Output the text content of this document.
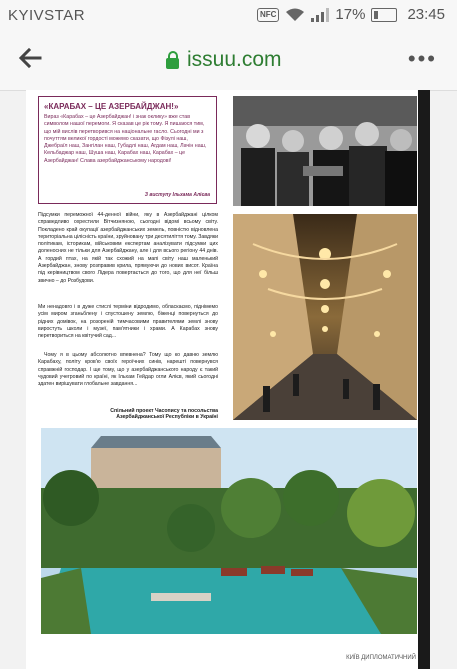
KYIVSTAR	NFC	17%	23:45
issuu.com	•••
«КАРАБАХ – ЦЕ АЗЕРБАЙДЖАН!»

Вираз «Карабах – це Азербайджан! і знак оклику» вже став символом нашої перемоги. Я сказав це рік тому. Я пишаюся тим, що мій вислів перетворився на національне гасло. Сьогодні ми з почуттям великої гордості можемо сказати, що Фізулі наш, Джебраїл наш, Зангілан наш, Губадлі наш, Агдам наш, Лачін наш, Кельбаджар наш, Шуша наш, Карабах наш, Карабах – це Азербайджан! Слава азербайджанському народові!

З виступу Ільхама Алієва
Підсумки переможної 44-денної війни, яку в Азербайджані цілком справедливо охрестили Вітчизняною, сьогодні відомі всьому світу. Покладено край окупації азербайджанських земель, повністю відновлена територіальна цілісність країни, зруйновану три десятиліття тому. Завдяки політикам, історикам, військовим експертам аналізувати підсумки цих доленосних не тільки для Азербайджану, але і для всього регіону 44 днів. А гордий птах, на якій так схожий на мапі світу наш маленький Азербайджан, знову розправив крила, прямуючи до нових висот. Країна під керівництвом свого Лідера повертається до того, що для неї більш звично – до Розбудови.
Ми ненадовго і в дуже стислі терміни відродимо, обласкаємо, піднімемо усім миром зганьблену і спустошену землю, біженці повернуться до рідних домівок, на розореній тимчасовими правителями землі знову виростуть школи і музеї, пам'ятники і храми. А Карабах знову перетвориться на квітучий сад...
Чому я в цьому абсолютно впевнена? Тому що ко давню землю Карабаху, політу кров'ю своїх героїчних синів, нарешті повернувся справжній господар. І ще тому, що у азербайджанського народу є такий чудовий учегровий по країні, як Ільхам Гейдар огли Алієв, який сьогодні здатен вирішувати глобальне завдання...
Спільний проект Часопису та посольства Азербайджанської Республіки в Україні
КИЇВ ДИПЛОМАТИЧНИЙ
